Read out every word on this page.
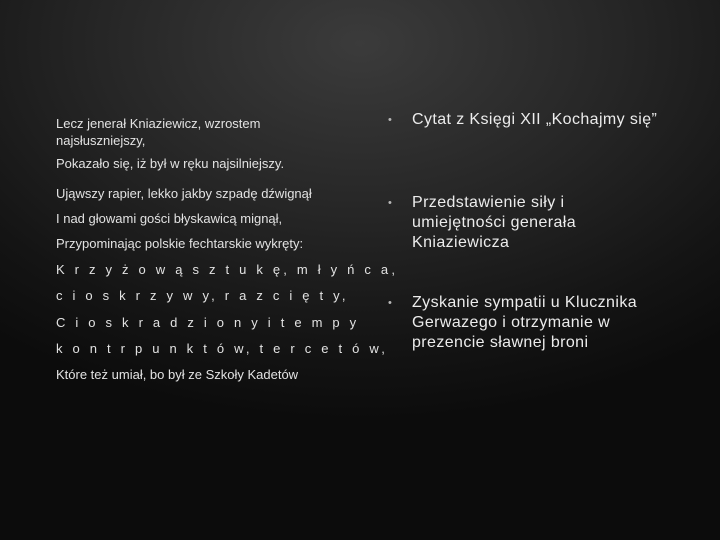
Lecz jenerał Kniaziewicz, wzrostem najsłuszniejszy,

Pokazało się, iż był w ręku najsilniejszy.

Ująwszy rapier, lekko jakby szpadę dźwignął

I nad głowami gości błyskawicą mignął,

Przypominając polskie fechtarskie wykręty:

K r z y ż o w ą s z t u k ę, m ł y ń c a,

c i o s k r z y w y, r a z c i ę t y,

C i o s k r a d z i o n y i t e m p y

k o n t r p u n k t ó w, t e r c e t ó w,

Które też umiał, bo był ze Szkoły Kadetów

•	Cytat z Księgi XII „Kochajmy się”
•	Przedstawienie siły i umiejętności generała Kniaziewicza
•	Zyskanie sympatii u Klucznika Gerwazego i otrzymanie w prezencie sławnej broni
